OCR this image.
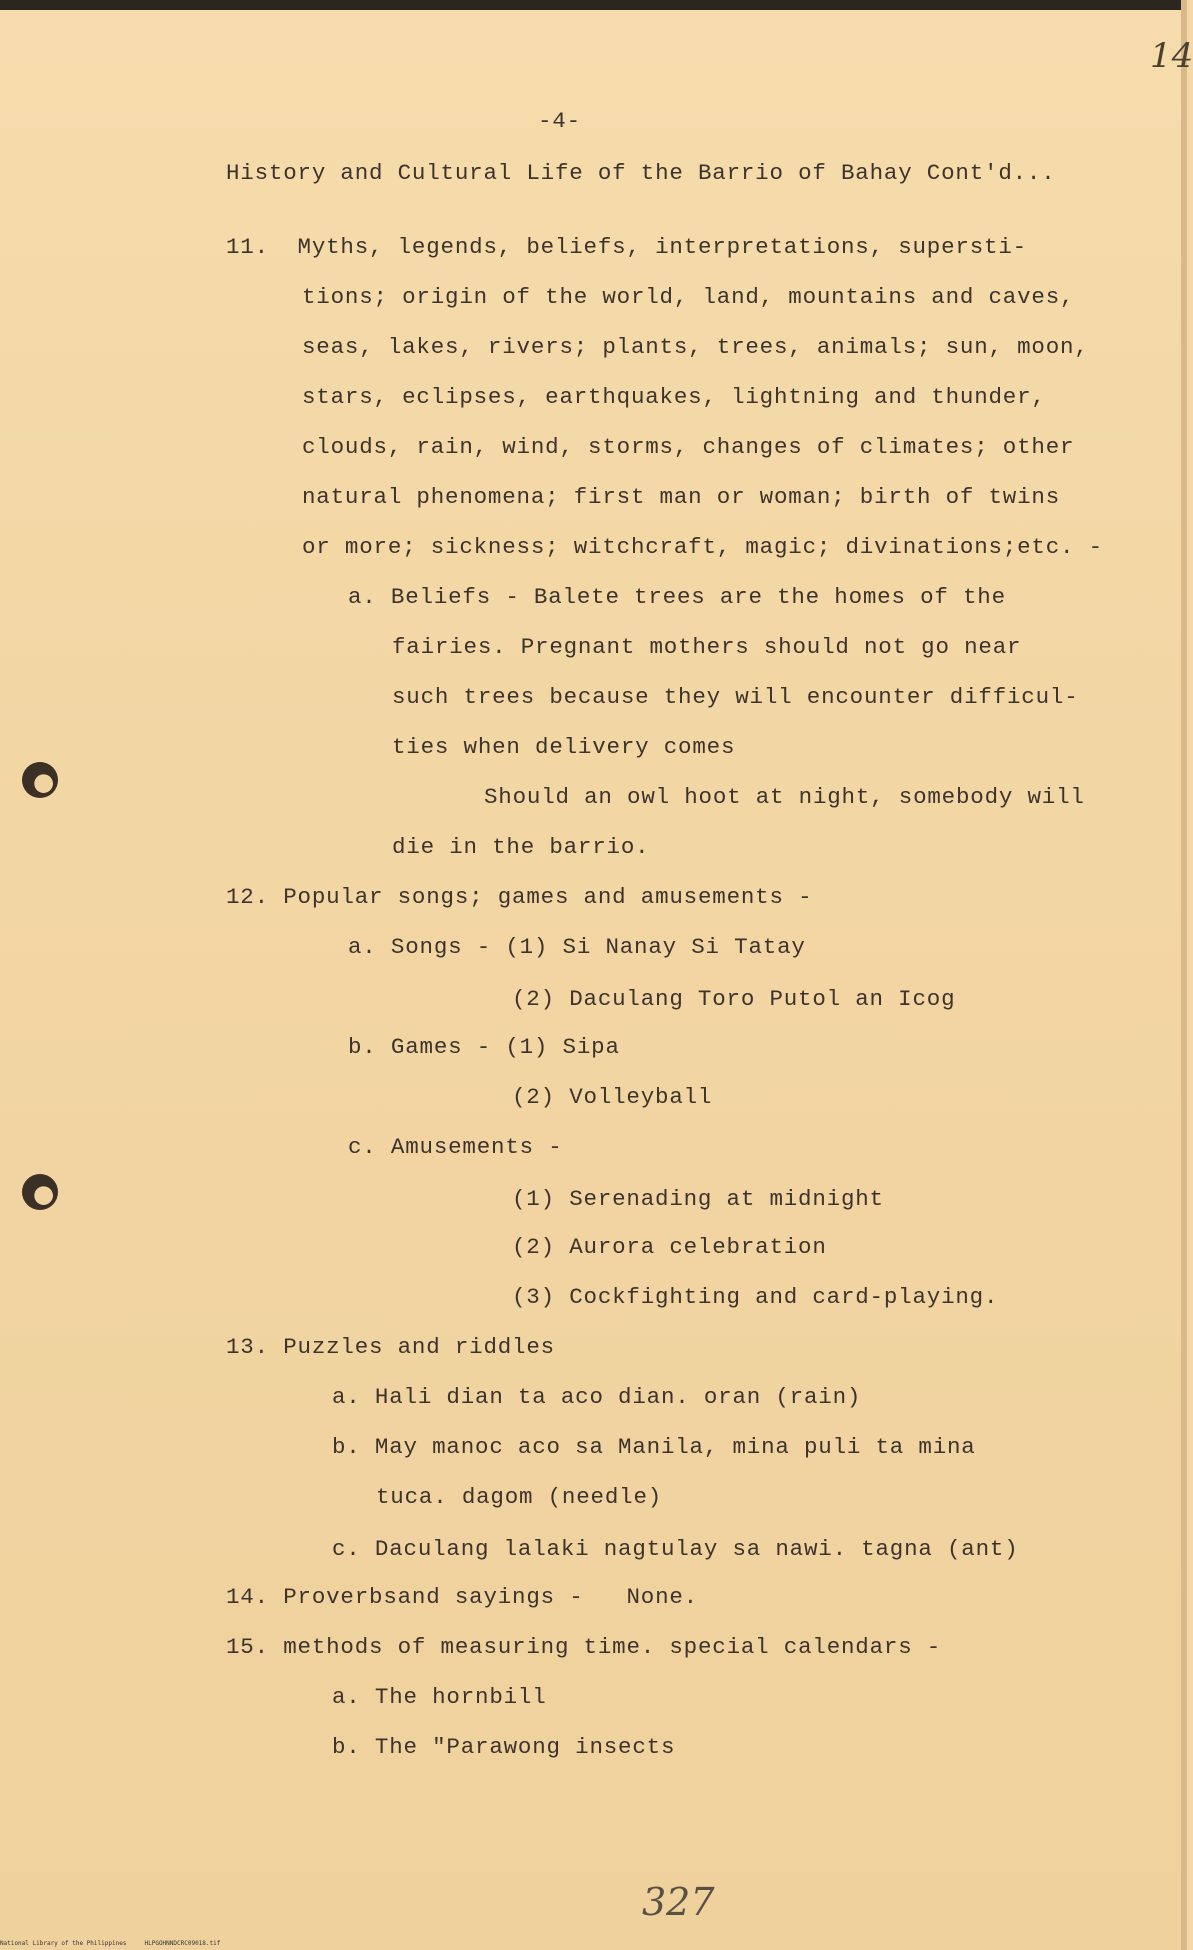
14
-4-
History and Cultural Life of the Barrio of Bahay Cont'd...
11.  Myths, legends, beliefs, interpretations, supersti-
tions; origin of the world, land, mountains and caves,
seas, lakes, rivers; plants, trees, animals; sun, moon,
stars, eclipses, earthquakes, lightning and thunder,
clouds, rain, wind, storms, changes of climates; other
natural phenomena; first man or woman; birth of twins
or more; sickness; witchcraft, magic; divinations;etc. -
a. Beliefs - Balete trees are the homes of the
fairies. Pregnant mothers should not go near
such trees because they will encounter difficul-
ties when delivery comes
Should an owl hoot at night, somebody will
die in the barrio.
12. Popular songs; games and amusements -
a. Songs - (1) Si Nanay Si Tatay
(2) Daculang Toro Putol an Icog
b. Games - (1) Sipa
(2) Volleyball
c. Amusements -
(1) Serenading at midnight
(2) Aurora celebration
(3) Cockfighting and card-playing.
13. Puzzles and riddles
a. Hali dian ta aco dian. oran (rain)
b. May manoc aco sa Manila, mina puli ta mina
tuca. dagom (needle)
c. Daculang lalaki nagtulay sa nawi. tagna (ant)
14. Proverbsand sayings -   None.
15. methods of measuring time. special calendars -
a. The hornbill
b. The "Parawong insects
327
National Library of the Philippines     HLPGOHNNDCRC09018.tif
